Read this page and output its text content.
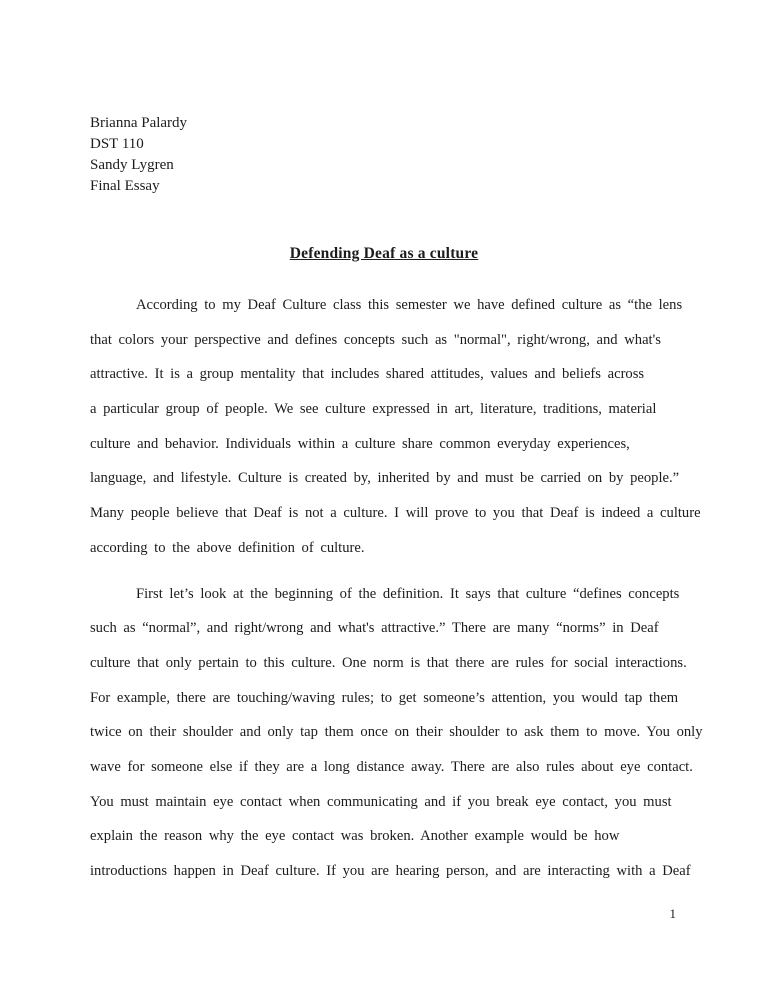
Brianna Palardy
DST 110
Sandy Lygren
Final Essay
Defending Deaf as a culture
According to my Deaf Culture class this semester we have defined culture as “the lens
that colors your perspective and defines concepts such as "normal", right/wrong, and what's
attractive. It is a group mentality that includes shared attitudes, values and beliefs across
a particular group of people. We see culture expressed in art, literature, traditions, material
culture and behavior. Individuals within a culture share common everyday experiences,
language, and lifestyle. Culture is created by, inherited by and must be carried on by people.”
Many people believe that Deaf is not a culture. I will prove to you that Deaf is indeed a culture
according to the above definition of culture.
First let’s look at the beginning of the definition. It says that culture “defines concepts
such as “normal”, and right/wrong and what's attractive.” There are many “norms” in Deaf
culture that only pertain to this culture. One norm is that there are rules for social interactions.
For example, there are touching/waving rules; to get someone’s attention, you would tap them
twice on their shoulder and only tap them once on their shoulder to ask them to move. You only
wave for someone else if they are a long distance away. There are also rules about eye contact.
You must maintain eye contact when communicating and if you break eye contact, you must
explain the reason why the eye contact was broken. Another example would be how
introductions happen in Deaf culture. If you are hearing person, and are interacting with a Deaf
1
